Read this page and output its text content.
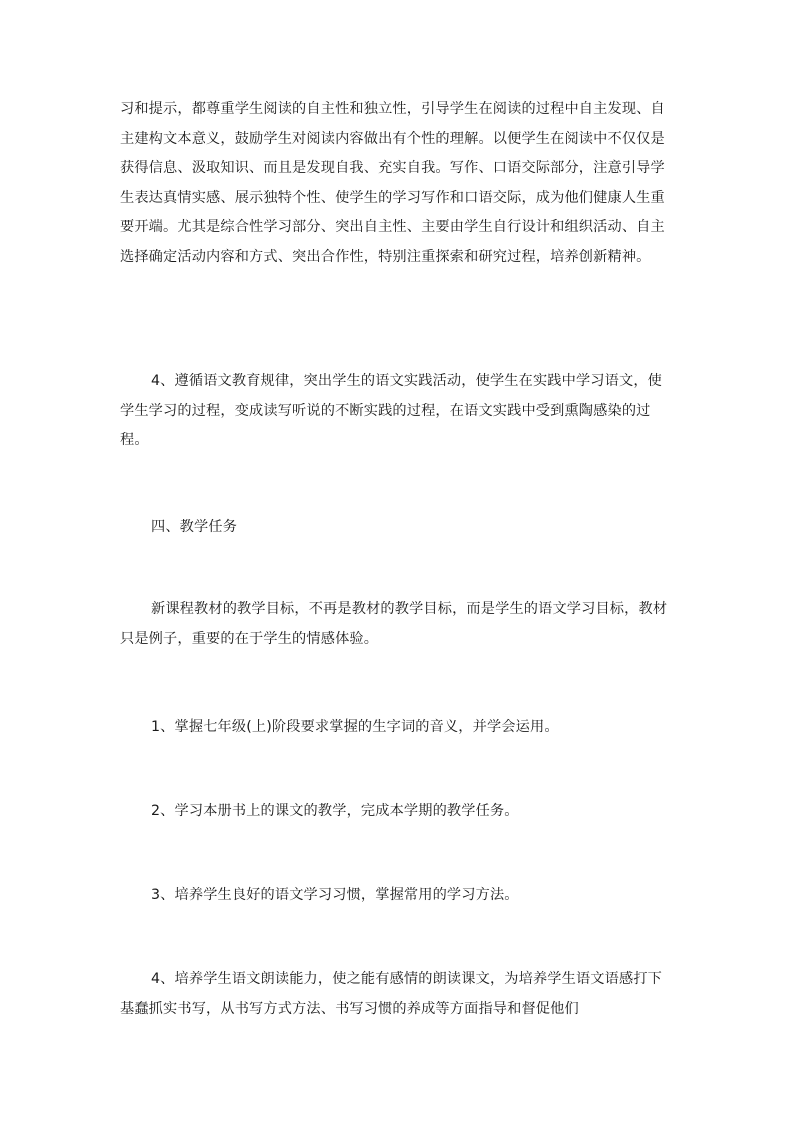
习和提示，都尊重学生阅读的自主性和独立性，引导学生在阅读的过程中自主发现、自主建构文本意义，鼓励学生对阅读内容做出有个性的理解。以便学生在阅读中不仅仅是获得信息、汲取知识、而且是发现自我、充实自我。写作、口语交际部分，注意引导学生表达真情实感、展示独特个性、使学生的学习写作和口语交际，成为他们健康人生重要开端。尤其是综合性学习部分、突出自主性、主要由学生自行设计和组织活动、自主选择确定活动内容和方式、突出合作性，特别注重探索和研究过程，培养创新精神。

4、遵循语文教育规律，突出学生的语文实践活动，使学生在实践中学习语文，使学生学习的过程，变成读写听说的不断实践的过程，在语文实践中受到熏陶感染的过程。

四、教学任务

新课程教材的教学目标，不再是教材的教学目标，而是学生的语文学习目标，教材只是例子，重要的在于学生的情感体验。

1、掌握七年级(上)阶段要求掌握的生字词的音义，并学会运用。

2、学习本册书上的课文的教学，完成本学期的教学任务。

3、培养学生良好的语文学习习惯，掌握常用的学习方法。

4、培养学生语文朗读能力，使之能有感情的朗读课文，为培养学生语文语感打下基蠢抓实书写，从书写方式方法、书写习惯的养成等方面指导和督促他们
